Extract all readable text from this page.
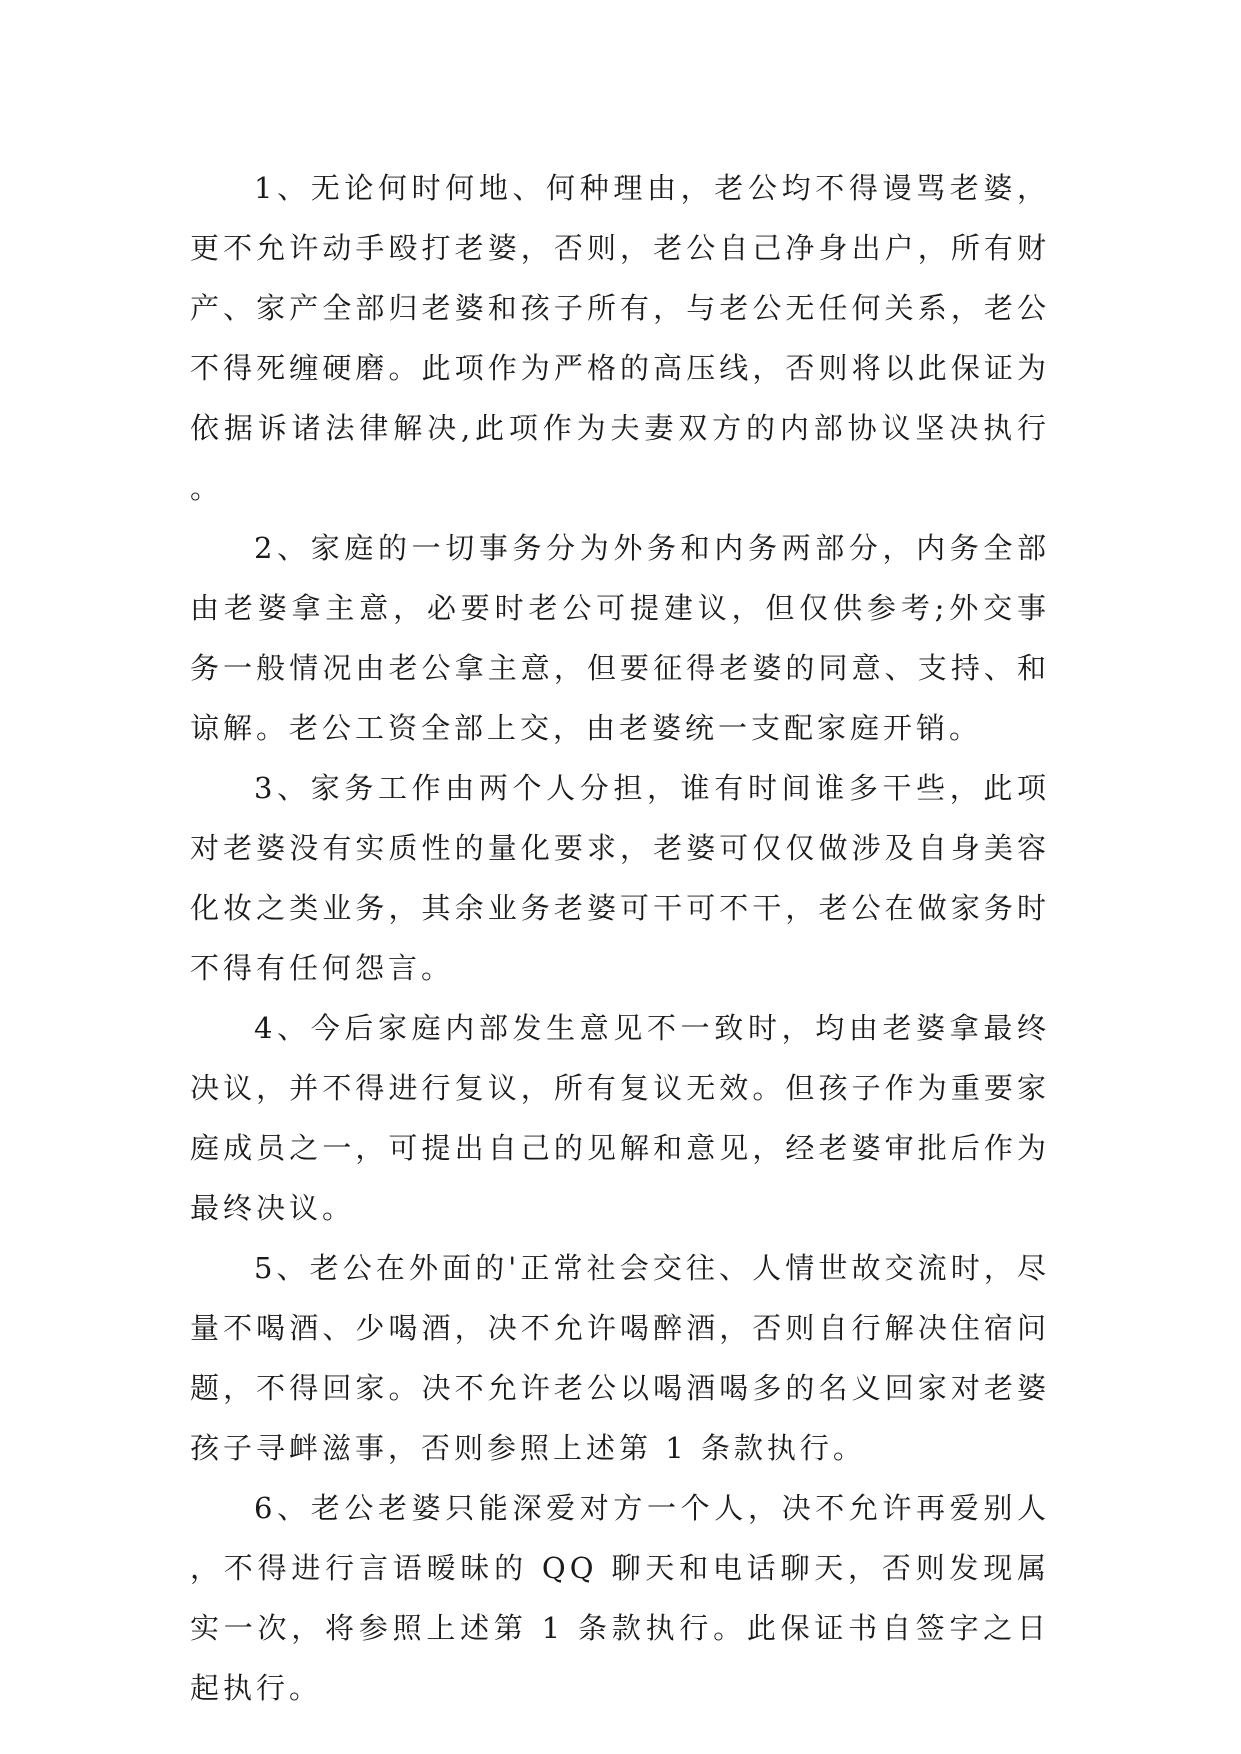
1、无论何时何地、何种理由，老公均不得谩骂老婆，更不允许动手殴打老婆，否则，老公自己净身出户，所有财产、家产全部归老婆和孩子所有，与老公无任何关系，老公不得死缠硬磨。此项作为严格的高压线，否则将以此保证为依据诉诸法律解决,此项作为夫妻双方的内部协议坚决执行。

2、家庭的一切事务分为外务和内务两部分，内务全部由老婆拿主意，必要时老公可提建议，但仅供参考;外交事务一般情况由老公拿主意，但要征得老婆的同意、支持、和谅解。老公工资全部上交，由老婆统一支配家庭开销。

3、家务工作由两个人分担，谁有时间谁多干些，此项对老婆没有实质性的量化要求，老婆可仅仅做涉及自身美容化妆之类业务，其余业务老婆可干可不干，老公在做家务时不得有任何怨言。

4、今后家庭内部发生意见不一致时，均由老婆拿最终决议，并不得进行复议，所有复议无效。但孩子作为重要家庭成员之一，可提出自己的见解和意见，经老婆审批后作为最终决议。

5、老公在外面的'正常社会交往、人情世故交流时，尽量不喝酒、少喝酒，决不允许喝醉酒，否则自行解决住宿问题，不得回家。决不允许老公以喝酒喝多的名义回家对老婆孩子寻衅滋事，否则参照上述第 1 条款执行。

6、老公老婆只能深爱对方一个人，决不允许再爱别人，不得进行言语暧昧的 QQ 聊天和电话聊天，否则发现属实一次，将参照上述第 1 条款执行。此保证书自签字之日起执行。
